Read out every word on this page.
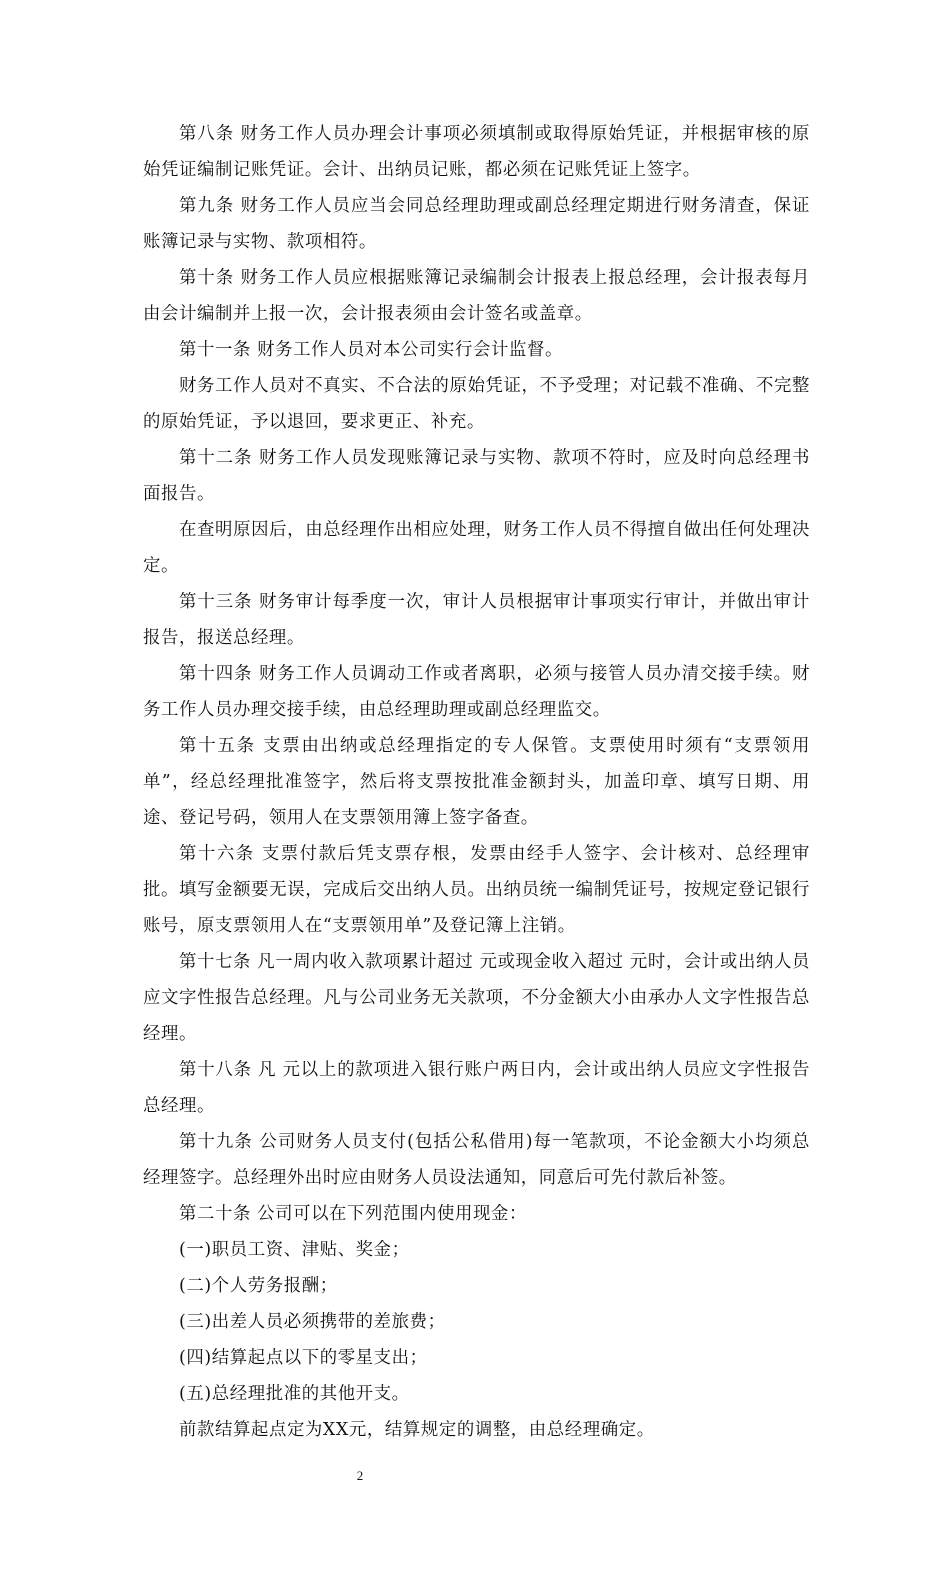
第八条 财务工作人员办理会计事项必须填制或取得原始凭证，并根据审核的原始凭证编制记账凭证。会计、出纳员记账，都必须在记账凭证上签字。

第九条 财务工作人员应当会同总经理助理或副总经理定期进行财务清查，保证账簿记录与实物、款项相符。

第十条 财务工作人员应根据账簿记录编制会计报表上报总经理，会计报表每月由会计编制并上报一次，会计报表须由会计签名或盖章。

第十一条 财务工作人员对本公司实行会计监督。

财务工作人员对不真实、不合法的原始凭证，不予受理；对记载不准确、不完整的原始凭证，予以退回，要求更正、补充。

第十二条 财务工作人员发现账簿记录与实物、款项不符时，应及时向总经理书面报告。

在查明原因后，由总经理作出相应处理，财务工作人员不得擅自做出任何处理决定。

第十三条 财务审计每季度一次，审计人员根据审计事项实行审计，并做出审计报告，报送总经理。

第十四条 财务工作人员调动工作或者离职，必须与接管人员办清交接手续。财务工作人员办理交接手续，由总经理助理或副总经理监交。

第十五条 支票由出纳或总经理指定的专人保管。支票使用时须有“支票领用单”，经总经理批准签字，然后将支票按批准金额封头，加盖印章、填写日期、用途、登记号码，领用人在支票领用簿上签字备查。

第十六条 支票付款后凭支票存根，发票由经手人签字、会计核对、总经理审批。填写金额要无误，完成后交出纳人员。出纳员统一编制凭证号，按规定登记银行账号，原支票领用人在“支票领用单”及登记簿上注销。

第十七条 凡一周内收入款项累计超过 元或现金收入超过 元时，会计或出纳人员应文字性报告总经理。凡与公司业务无关款项，不分金额大小由承办人文字性报告总经理。

第十八条 凡 元以上的款项进入银行账户两日内，会计或出纳人员应文字性报告总经理。

第十九条 公司财务人员支付(包括公私借用)每一笔款项，不论金额大小均须总经理签字。总经理外出时应由财务人员设法通知，同意后可先付款后补签。

第二十条 公司可以在下列范围内使用现金：

(一)职员工资、津贴、奖金；

(二)个人劳务报酬；

(三)出差人员必须携带的差旅费；

(四)结算起点以下的零星支出；

(五)总经理批准的其他开支。

前款结算起点定为XX元，结算规定的调整，由总经理确定。

2
